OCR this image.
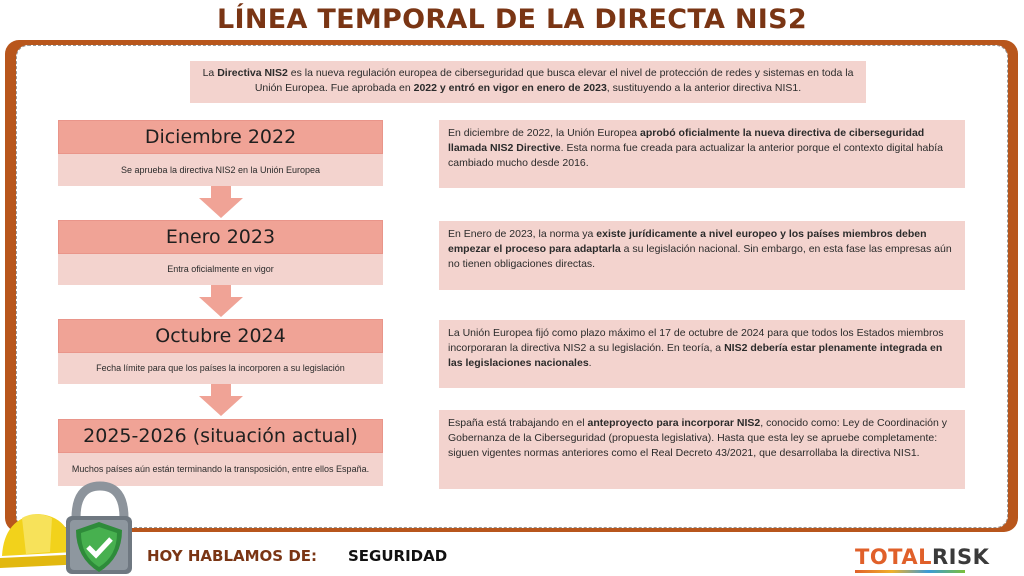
LÍNEA TEMPORAL DE LA DIRECTA NIS2
La Directiva NIS2 es la nueva regulación europea de ciberseguridad que busca elevar el nivel de protección de redes y sistemas en toda la Unión Europea. Fue aprobada en 2022 y entró en vigor en enero de 2023, sustituyendo a la anterior directiva NIS1.
Diciembre 2022
Se aprueba la directiva NIS2 en la Unión Europea
Enero 2023
Entra oficialmente en vigor
Octubre 2024
Fecha límite para que los países la incorporen a su legislación
2025-2026 (situación actual)
Muchos países aún están terminando la transposición, entre ellos España.
En diciembre de 2022, la Unión Europea aprobó oficialmente la nueva directiva de ciberseguridad llamada NIS2 Directive. Esta norma fue creada para actualizar la anterior porque el contexto digital había cambiado mucho desde 2016.
En Enero de 2023, la norma ya existe jurídicamente a nivel europeo y los países miembros deben empezar el proceso para adaptarla a su legislación nacional. Sin embargo, en esta fase las empresas aún no tienen obligaciones directas.
La Unión Europea fijó como plazo máximo el 17 de octubre de 2024 para que todos los Estados miembros incorporaran la directiva NIS2 a su legislación. En teoría, a NIS2 debería estar plenamente integrada en las legislaciones nacionales.
España está trabajando en el anteproyecto para incorporar NIS2, conocido como: Ley de Coordinación y Gobernanza de la Ciberseguridad (propuesta legislativa). Hasta que esta ley se apruebe completamente: siguen vigentes normas anteriores como el Real Decreto 43/2021, que desarrollaba la directiva NIS1.
HOY HABLAMOS DE: SEGURIDAD	TOTALRISK
